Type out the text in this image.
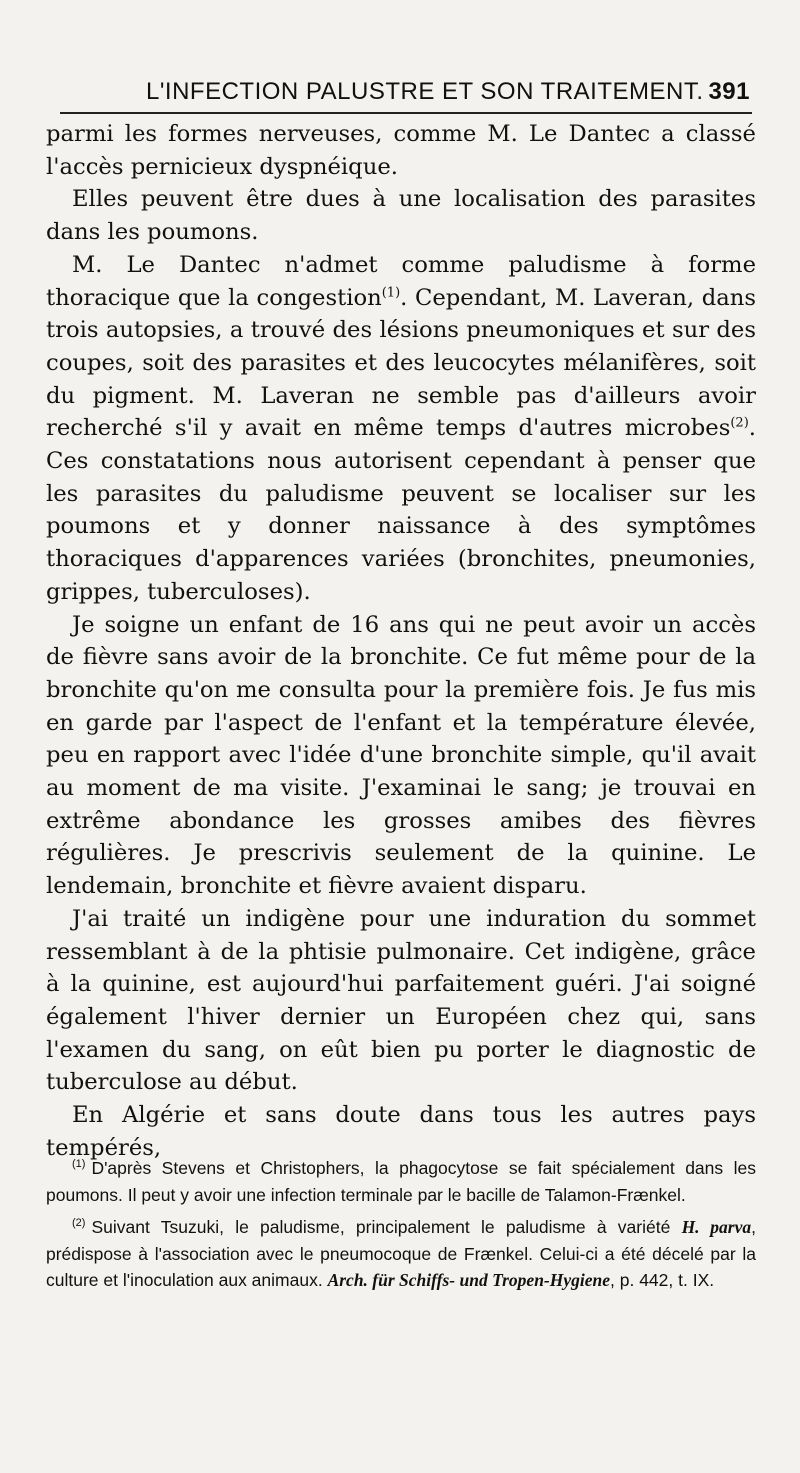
L'INFECTION PALUSTRE ET SON TRAITEMENT. 391

parmi les formes nerveuses, comme M. Le Dantec a classé l'accès pernicieux dyspnéique.

Elles peuvent être dues à une localisation des parasites dans les poumons.

M. Le Dantec n'admet comme paludisme à forme thoracique que la congestion$^{(1)}$. Cependant, M. Laveran, dans trois autopsies, a trouvé des lésions pneumoniques et sur des coupes, soit des parasites et des leucocytes mélanifères, soit du pigment. M. Laveran ne semble pas d'ailleurs avoir recherché s'il y avait en même temps d'autres microbes$^{(2)}$. Ces constatations nous autorisent cependant à penser que les parasites du paludisme peuvent se localiser sur les poumons et y donner naissance à des symptômes thoraciques d'apparences variées (bronchites, pneumonies, grippes, tuberculoses).

Je soigne un enfant de 16 ans qui ne peut avoir un accès de fièvre sans avoir de la bronchite. Ce fut même pour de la bronchite qu'on me consulta pour la première fois. Je fus mis en garde par l'aspect de l'enfant et la température élevée, peu en rapport avec l'idée d'une bronchite simple, qu'il avait au moment de ma visite. J'examinai le sang; je trouvai en extrême abondance les grosses amibes des fièvres régulières. Je prescrivis seulement de la quinine. Le lendemain, bronchite et fièvre avaient disparu.

J'ai traité un indigène pour une induration du sommet ressemblant à de la phtisie pulmonaire. Cet indigène, grâce à la quinine, est aujourd'hui parfaitement guéri. J'ai soigné également l'hiver dernier un Européen chez qui, sans l'examen du sang, on eût bien pu porter le diagnostic de tuberculose au début.

En Algérie et sans doute dans tous les autres pays tempérés,

$^{(1)}$ D'après Stevens et Christophers, la phagocytose se fait spécialement dans les poumons. Il peut y avoir une infection terminale par le bacille de Talamon-Frænkel.

$^{(2)}$ Suivant Tsuzuki, le paludisme, principalement le paludisme à variété H. parva, prédispose à l'association avec le pneumocoque de Frænkel. Celui-ci a été décelé par la culture et l'inoculation aux animaux. Arch. für Schiffs- und Tropen-Hygiene, p. 442, t. IX.
